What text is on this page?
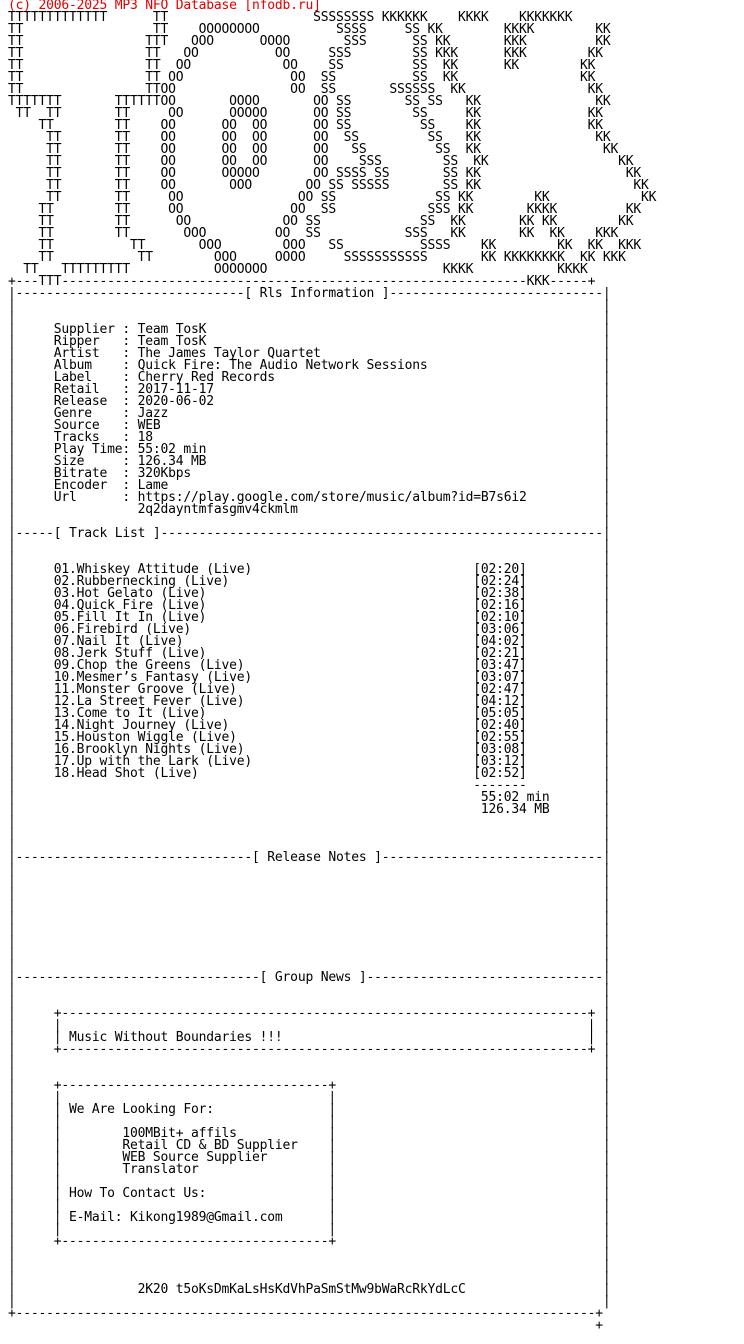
(c) 2006-2025 MP3 NFO Database [nfodb.ru]
TTTTTTTTTTTTT      TT                   SSSSSSSS KKKKKK    KKKK    KKKKKKK
TT                 TT    OOOOOOOO          SSSS     SS KK        KKKK        KK
TT                TTT   OOO      OOOO       SSS      SS KK       KKK         KK
TT                TT   OO          OO     SSS        SS KKK      KKK        KK
TT                TT  OO            OO    SS         SS  KK      KK        KK
TT                TT OO              OO  SS          SS  KK                KK
TT                TTOO               OO  SS       SSSSSS  KK                KK
TTTTTTT       TTTTTTOO       OOOO       OO SS       SS SS   KK               KK
TT  TT       TT     OO      OOOOO      OO SS        SS     KK              KK
TT        TT    OO      OO  OO      OO SS         SS    KK              KK
TT       TT    OO      OO  OO      OO  SS         SS   KK               KK
TT       TT    OO      OO  OO      OO   SS         SS  KK                KK
TT       TT    OO      OO  OO      OO    SSS        SS  KK                 KK
TT       TT    OO      OOOOO       OO SSSS SS       SS KK                   KK
TT       TT    OO       OOO       OO SS SSSSS       SS KK                    KK
TT       TT     OO               OO SS             SS KK        KK            KK
TT        TT     OO              OO  SS            SSS KK       KKKK         KK
TT        TT      OO            OO SS             SS  KK       KK KK        KK
TT        TT       OOO         OO  SS           SSS   KK       KK  KK    KKK
TT          TT       OOO        OOO   SS          SSSS    KK        KK  KK  KKK
TT           TT        OOO     OOOO     SSSSSSSSSSS       KK KKKKKKKK  KK KKK
TT   TTTTTTTTT           OOOOOOO                       KKKK           KKKK
+---TTT-------------------------------------------------------------KKK-----+
|------------------------------[ Rls Information ]----------------------------|
|                                                                             |
|                                                                             |
|     Supplier : Team TosK                                                    |
|     Ripper   : Team TosK                                                    |
|     Artist   : The James Taylor Quartet                                     |
|     Album    : Quick Fire: The Audio Network Sessions                       |
|     Label    : Cherry Red Records                                           |
|     Retail   : 2017-11-17                                                   |
|     Release  : 2020-06-02                                                   |
|     Genre    : Jazz                                                         |
|     Source   : WEB                                                          |
|     Tracks   : 18                                                           |
|     Play Time: 55:02 min                                                    |
|     Size     : 126.34 MB                                                    |
|     Bitrate  : 320Kbps                                                      |
|     Encoder  : Lame                                                         |
|     Url      : https://play.google.com/store/music/album?id=B7s6i2          |
|                2q2dayntmfasgmv4ckmlm                                        |
|                                                                             |
|-----[ Track List ]----------------------------------------------------------|
|                                                                             |
|                                                                             |
|     01.Whiskey Attitude (Live)                             [02:20]          |
|     02.Rubbernecking (Live)                                [02:24]          |
|     03.Hot Gelato (Live)                                   [02:38]          |
|     04.Quick Fire (Live)                                   [02:16]          |
|     05.Fill It In (Live)                                   [02:10]          |
|     06.Firebird (Live)                                     [03:06]          |
|     07.Nail It (Live)                                      [04:02]          |
|     08.Jerk Stuff (Live)                                   [02:21]          |
|     09.Chop the Greens (Live)                              [03:47]          |
|     10.Mesmer’s Fantasy (Live)                             [03:07]          |
|     11.Monster Groove (Live)                               [02:47]          |
|     12.La Street Fever (Live)                              [04:12]          |
|     13.Come to It (Live)                                   [05:05]          |
|     14.Night Journey (Live)                                [02:40]          |
|     15.Houston Wiggle (Live)                               [02:55]          |
|     16.Brooklyn Nights (Live)                              [03:08]          |
|     17.Up with the Lark (Live)                             [03:12]          |
|     18.Head Shot (Live)                                    [02:52]          |
|                                                            -------          |
|                                                             55:02 min       |
|                                                             126.34 MB       |
|                                                                             |
|                                                                             |
|                                                                             |
|-------------------------------[ Release Notes ]-----------------------------|
|                                                                             |
|                                                                             |
|                                                                             |
|                                                                             |
|                                                                             |
|                                                                             |
|                                                                             |
|                                                                             |
|                                                                             |
|--------------------------------[ Group News ]-------------------------------|
|                                                                             |
|                                                                             |
|     +---------------------------------------------------------------------+ |
|     |                                                                     | |
|     | Music Without Boundaries !!!                                        | |
|     +---------------------------------------------------------------------+ |
|                                                                             |
|                                                                             |
|     +-----------------------------------+                                   |
|     |                                   |                                   |
|     | We Are Looking For:               |                                   |
|     |                                   |                                   |
|     |        100MBit+ affils            |                                   |
|     |        Retail CD & BD Supplier    |                                   |
|     |        WEB Source Supplier        |                                   |
|     |        Translator                 |                                   |
|     |                                   |                                   |
|     | How To Contact Us:                |                                   |
|     |                                   |                                   |
|     | E-Mail: Kikong1989@Gmail.com      |                                   |
|     |                                   |                                   |
|     +-----------------------------------+                                   |
|                                                                             |
|                                                                             |
|                                                                             |
|                2K20 t5oKsDmKaLsHsKdVhPaSmStMw9bWaRcRkYdLcC                  |
|                                                                             |
+----------------------------------------------------------------------------+
+
